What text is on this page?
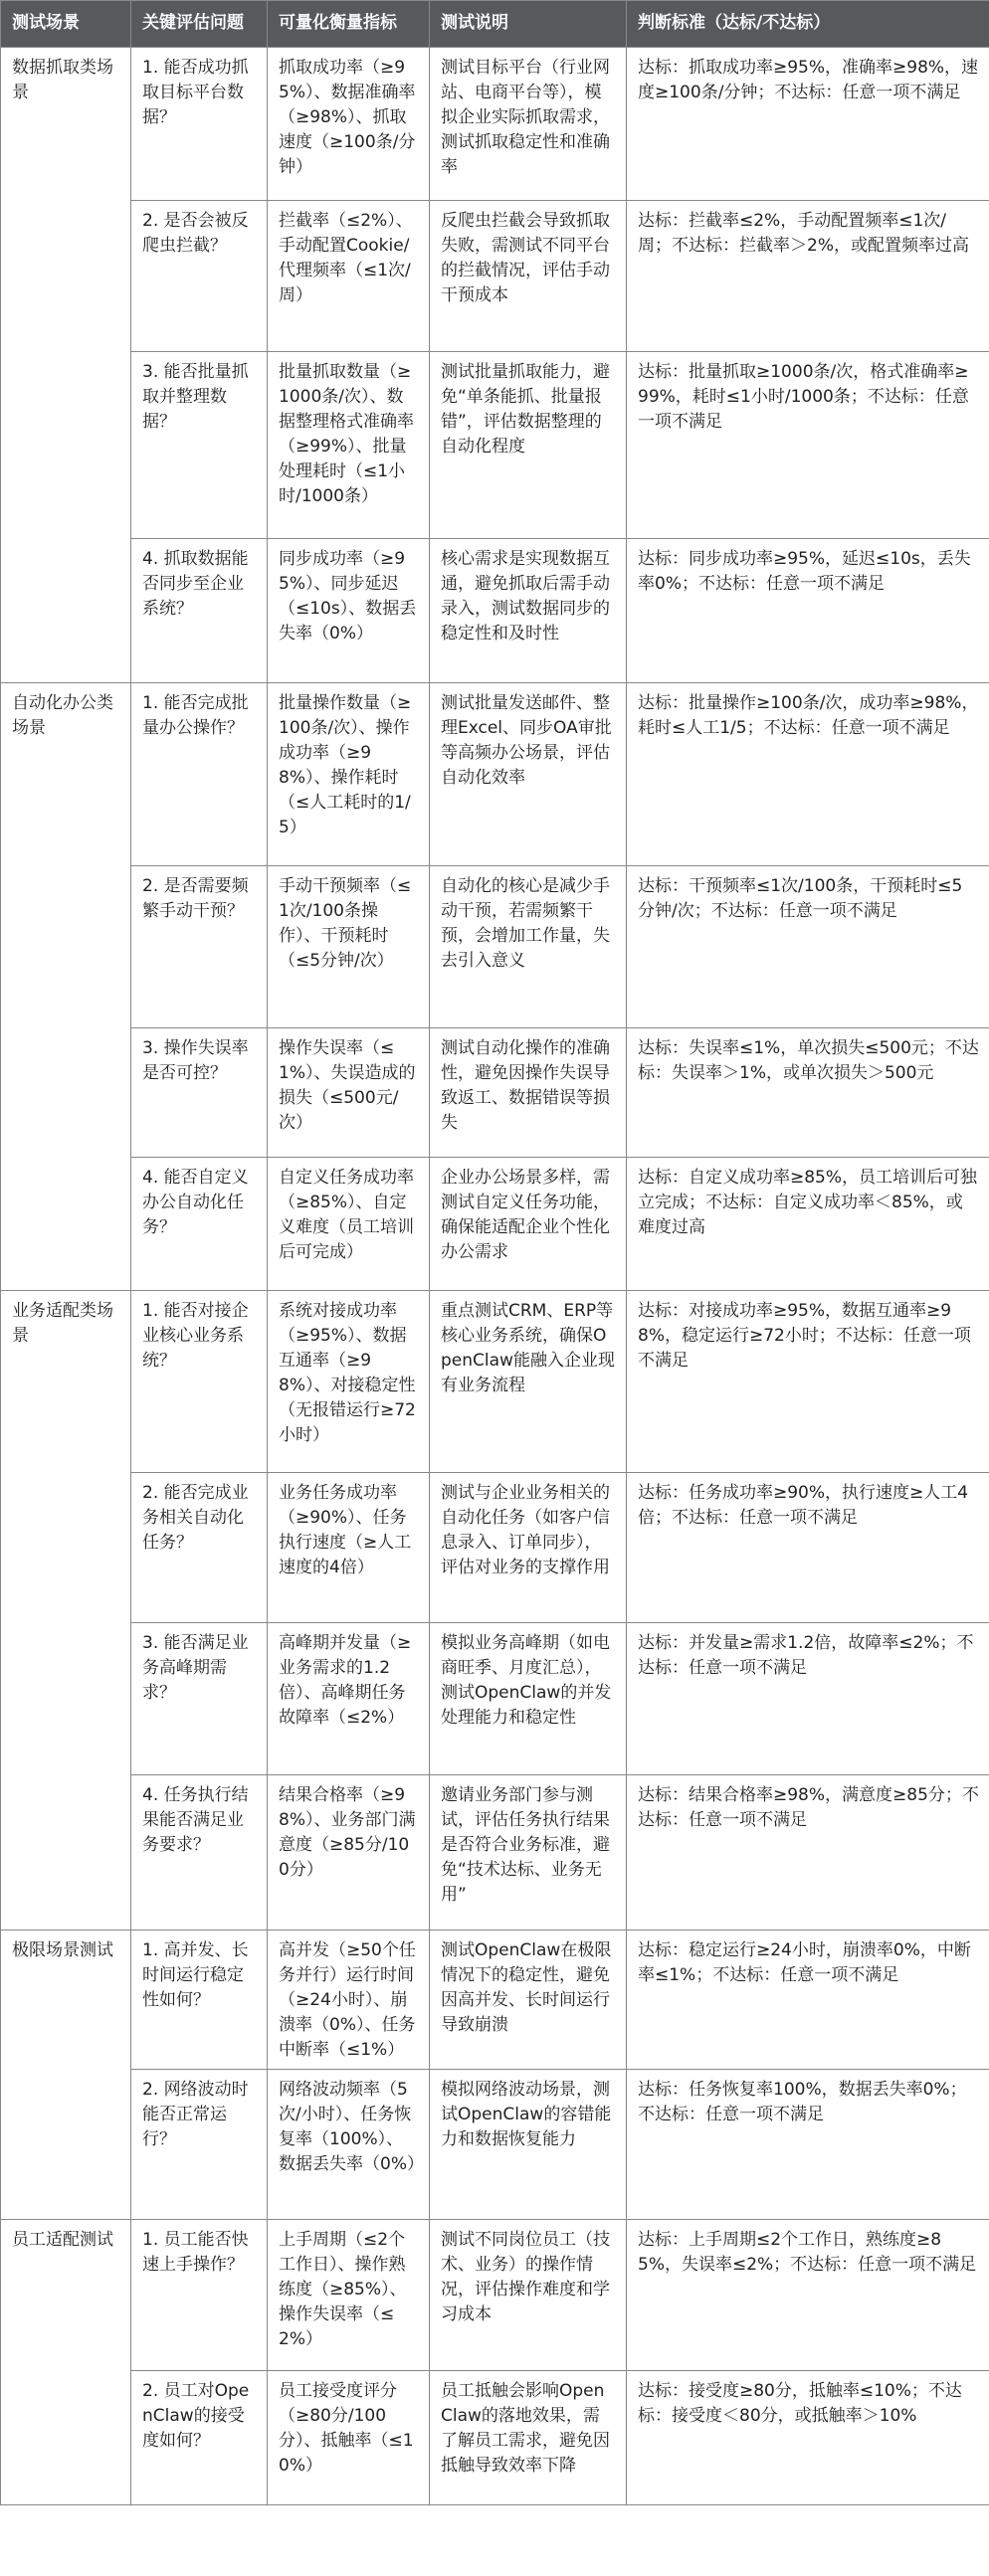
测试场景	关键评估问题	可量化衡量指标	测试说明	判断标准（达标/不达标）
数据抓取类场景	1. 能否成功抓取目标平台数据？	抓取成功率（≥95%）、数据准确率（≥98%）、抓取速度（≥100条/分钟）	测试目标平台（行业网站、电商平台等），模拟企业实际抓取需求，测试抓取稳定性和准确率	达标：抓取成功率≥95%，准确率≥98%，速度≥100条/分钟；不达标：任意一项不满足
	2. 是否会被反爬虫拦截？	拦截率（≤2%）、手动配置Cookie/代理频率（≤1次/周）	反爬虫拦截会导致抓取失败，需测试不同平台的拦截情况，评估手动干预成本	达标：拦截率≤2%，手动配置频率≤1次/周；不达标：拦截率＞2%，或配置频率过高
	3. 能否批量抓取并整理数据？	批量抓取数量（≥1000条/次）、数据整理格式准确率（≥99%）、批量处理耗时（≤1小时/1000条）	测试批量抓取能力，避免“单条能抓、批量报错”，评估数据整理的自动化程度	达标：批量抓取≥1000条/次，格式准确率≥99%，耗时≤1小时/1000条；不达标：任意一项不满足
	4. 抓取数据能否同步至企业系统？	同步成功率（≥95%）、同步延迟（≤10s）、数据丢失率（0%）	核心需求是实现数据互通，避免抓取后需手动录入，测试数据同步的稳定性和及时性	达标：同步成功率≥95%，延迟≤10s，丢失率0%；不达标：任意一项不满足
自动化办公类场景	1. 能否完成批量办公操作？	批量操作数量（≥100条/次）、操作成功率（≥98%）、操作耗时（≤人工耗时的1/5）	测试批量发送邮件、整理Excel、同步OA审批等高频办公场景，评估自动化效率	达标：批量操作≥100条/次，成功率≥98%，耗时≤人工1/5；不达标：任意一项不满足
	2. 是否需要频繁手动干预？	手动干预频率（≤1次/100条操作）、干预耗时（≤5分钟/次）	自动化的核心是减少手动干预，若需频繁干预，会增加工作量，失去引入意义	达标：干预频率≤1次/100条，干预耗时≤5分钟/次；不达标：任意一项不满足
	3. 操作失误率是否可控？	操作失误率（≤1%）、失误造成的损失（≤500元/次）	测试自动化操作的准确性，避免因操作失误导致返工、数据错误等损失	达标：失误率≤1%，单次损失≤500元；不达标：失误率＞1%，或单次损失＞500元
	4. 能否自定义办公自动化任务？	自定义任务成功率（≥85%）、自定义难度（员工培训后可完成）	企业办公场景多样，需测试自定义任务功能，确保能适配企业个性化办公需求	达标：自定义成功率≥85%，员工培训后可独立完成；不达标：自定义成功率＜85%，或难度过高
业务适配类场景	1. 能否对接企业核心业务系统？	系统对接成功率（≥95%）、数据互通率（≥98%）、对接稳定性（无报错运行≥72小时）	重点测试CRM、ERP等核心业务系统，确保OpenClaw能融入企业现有业务流程	达标：对接成功率≥95%，数据互通率≥98%，稳定运行≥72小时；不达标：任意一项不满足
	2. 能否完成业务相关自动化任务？	业务任务成功率（≥90%）、任务执行速度（≥人工速度的4倍）	测试与企业业务相关的自动化任务（如客户信息录入、订单同步），评估对业务的支撑作用	达标：任务成功率≥90%，执行速度≥人工4倍；不达标：任意一项不满足
	3. 能否满足业务高峰期需求？	高峰期并发量（≥业务需求的1.2倍）、高峰期任务故障率（≤2%）	模拟业务高峰期（如电商旺季、月度汇总），测试OpenClaw的并发处理能力和稳定性	达标：并发量≥需求1.2倍，故障率≤2%；不达标：任意一项不满足
	4. 任务执行结果能否满足业务要求？	结果合格率（≥98%）、业务部门满意度（≥85分/100分）	邀请业务部门参与测试，评估任务执行结果是否符合业务标准，避免“技术达标、业务无用”	达标：结果合格率≥98%，满意度≥85分；不达标：任意一项不满足
极限场景测试	1. 高并发、长时间运行稳定性如何？	高并发（≥50个任务并行）运行时间（≥24小时）、崩溃率（0%）、任务中断率（≤1%）	测试OpenClaw在极限情况下的稳定性，避免因高并发、长时间运行导致崩溃	达标：稳定运行≥24小时，崩溃率0%，中断率≤1%；不达标：任意一项不满足
	2. 网络波动时能否正常运行？	网络波动频率（5次/小时）、任务恢复率（100%）、数据丢失率（0%）	模拟网络波动场景，测试OpenClaw的容错能力和数据恢复能力	达标：任务恢复率100%，数据丢失率0%；不达标：任意一项不满足
员工适配测试	1. 员工能否快速上手操作？	上手周期（≤2个工作日）、操作熟练度（≥85%）、操作失误率（≤2%）	测试不同岗位员工（技术、业务）的操作情况，评估操作难度和学习成本	达标：上手周期≤2个工作日，熟练度≥85%，失误率≤2%；不达标：任意一项不满足
	2. 员工对OpenClaw的接受度如何？	员工接受度评分（≥80分/100分）、抵触率（≤10%）	员工抵触会影响OpenClaw的落地效果，需了解员工需求，避免因抵触导致效率下降	达标：接受度≥80分，抵触率≤10%；不达标：接受度＜80分，或抵触率＞10%
